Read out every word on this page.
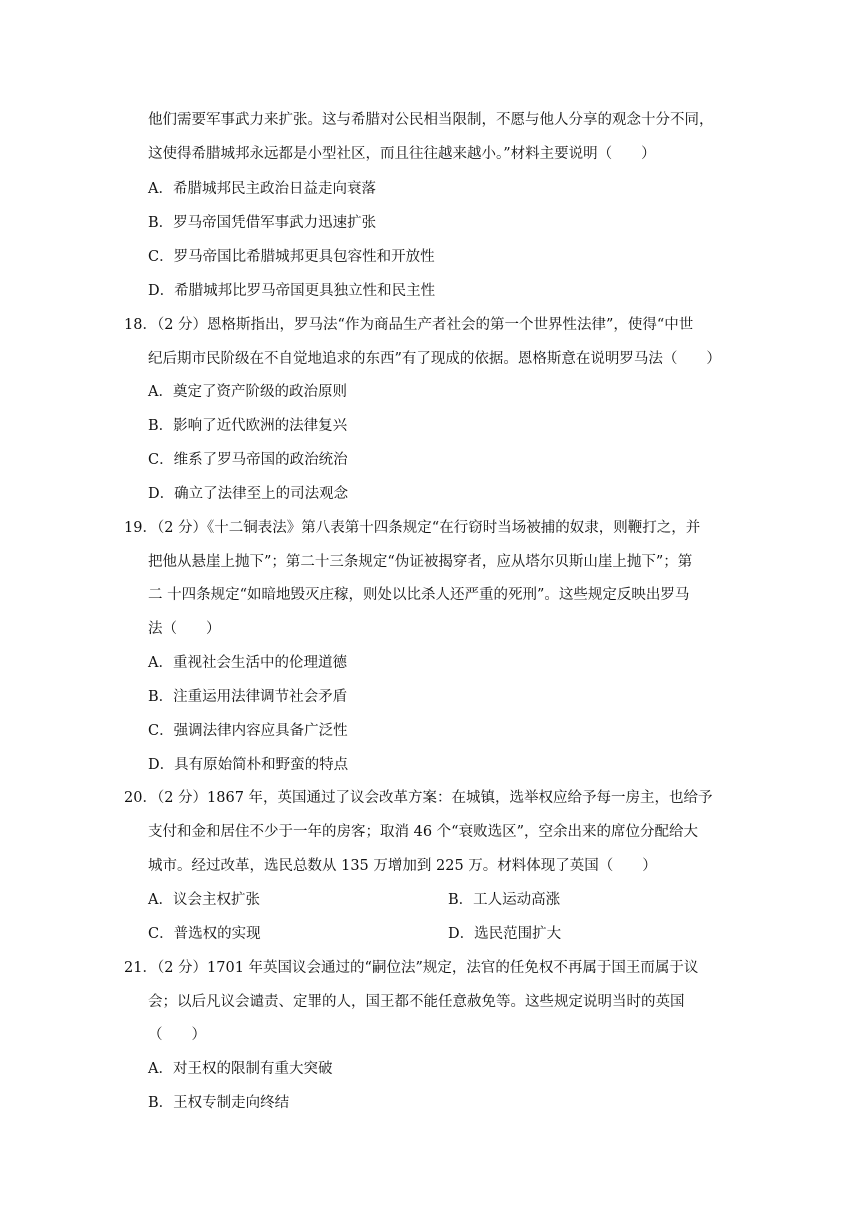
他们需要军事武力来扩张。这与希腊对公民相当限制，不愿与他人分享的观念十分不同，
这使得希腊城邦永远都是小型社区，而且往往越来越小。”材料主要说明（　　）
A．希腊城邦民主政治日益走向衰落
B．罗马帝国凭借军事武力迅速扩张
C．罗马帝国比希腊城邦更具包容性和开放性
D．希腊城邦比罗马帝国更具独立性和民主性
18．（2 分）恩格斯指出，罗马法“作为商品生产者社会的第一个世界性法律”，使得“中世
纪后期市民阶级在不自觉地追求的东西”有了现成的依据。恩格斯意在说明罗马法（　　）
A．奠定了资产阶级的政治原则
B．影响了近代欧洲的法律复兴
C．维系了罗马帝国的政治统治
D．确立了法律至上的司法观念
19．（2 分）《十二铜表法》第八表第十四条规定“在行窃时当场被捕的奴隶，则鞭打之，并
把他从悬崖上抛下”；第二十三条规定“伪证被揭穿者，应从塔尔贝斯山崖上抛下”；第
二 十四条规定“如暗地毁灭庄稼，则处以比杀人还严重的死刑”。这些规定反映出罗马
法（　　）
A．重视社会生活中的伦理道德
B．注重运用法律调节社会矛盾
C．强调法律内容应具备广泛性
D．具有原始简朴和野蛮的特点
20．（2 分）1867 年，英国通过了议会改革方案：在城镇，选举权应给予每一房主，也给予
支付和金和居住不少于一年的房客；取消 46 个“衰败选区”，空余出来的席位分配给大
城市。经过改革，选民总数从 135 万增加到 225 万。材料体现了英国（　　）
A．议会主权扩张	B．工人运动高涨
C．普选权的实现	D．选民范围扩大
21．（2 分）1701 年英国议会通过的“嗣位法”规定，法官的任免权不再属于国王而属于议
会；以后凡议会谴责、定罪的人，国王都不能任意赦免等。这些规定说明当时的英国
（　　）
A．对王权的限制有重大突破
B．王权专制走向终结
